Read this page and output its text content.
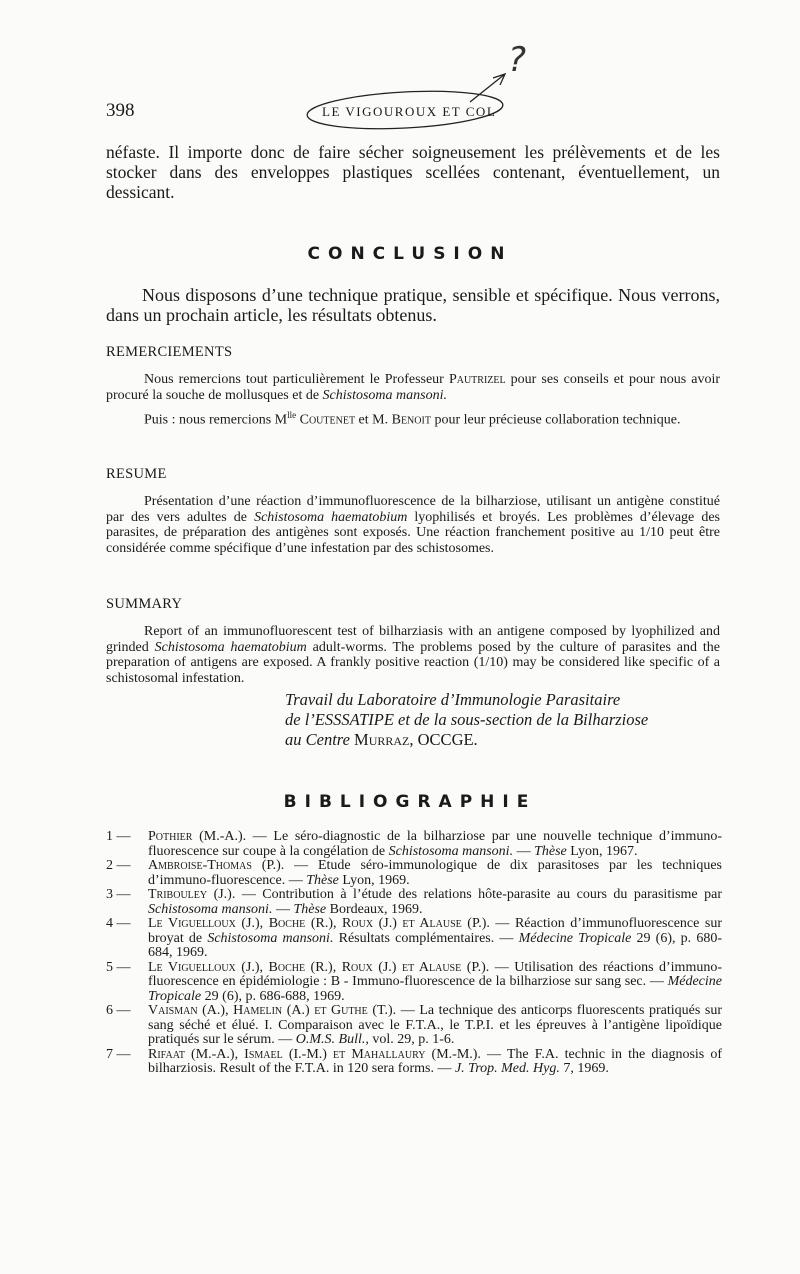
398
?
LE VIGOUROUX ET COL
néfaste. Il importe donc de faire sécher soigneusement les prélèvements et de les stocker dans des enveloppes plastiques scellées contenant, éventuellement, un dessicant.
CONCLUSION
Nous disposons d’une technique pratique, sensible et spécifique. Nous verrons, dans un prochain article, les résultats obtenus.
REMERCIEMENTS
Nous remercions tout particulièrement le Professeur Pautrizel pour ses conseils et pour nous avoir procuré la souche de mollusques et de Schistosoma mansoni.
Puis : nous remercions $M^{lle}$ Coutenet et M. Benoit pour leur précieuse collaboration technique.
RESUME
Présentation d’une réaction d’immunofluorescence de la bilharziose, utilisant un antigène constitué par des vers adultes de Schistosoma haematobium lyophilisés et broyés. Les problèmes d’élevage des parasites, de préparation des antigènes sont exposés. Une réaction franchement positive au 1/10 peut être considérée comme spécifique d’une infestation par des schistosomes.
SUMMARY
Report of an immunofluorescent test of bilharziasis with an antigene composed by lyophilized and grinded Schistosoma haematobium adult-worms. The problems posed by the culture of parasites and the preparation of antigens are exposed. A frankly positive reaction (1/10) may be considered like specific of a schistosomal infestation.
Travail du Laboratoire d’Immunologie Parasitaire
de l’ESSSATIPE et de la sous-section de la Bilharziose
au Centre Murraz, OCCGE.
BIBLIOGRAPHIE
1 — Pothier (M.-A.). — Le séro-diagnostic de la bilharziose par une nouvelle technique d’immuno-fluorescence sur coupe à la congélation de Schistosoma mansoni. — Thèse Lyon, 1967.
2 — Ambroise-Thomas (P.). — Etude séro-immunologique de dix parasitoses par les techniques d’immuno-fluorescence. — Thèse Lyon, 1969.
3 — Tribouley (J.). — Contribution à l’étude des relations hôte-parasite au cours du parasitisme par Schistosoma mansoni. — Thèse Bordeaux, 1969.
4 — Le Viguelloux (J.), Boche (R.), Roux (J.) et Alause (P.). — Réaction d’immunofluorescence sur broyat de Schistosoma mansoni. Résultats complémentaires. — Médecine Tropicale 29 (6), p. 680-684, 1969.
5 — Le Viguelloux (J.), Boche (R.), Roux (J.) et Alause (P.). — Utilisation des réactions d’immuno-fluorescence en épidémiologie : B - Immuno-fluorescence de la bilharziose sur sang sec. — Médecine Tropicale 29 (6), p. 686-688, 1969.
6 — Vaisman (A.), Hamelin (A.) et Guthe (T.). — La technique des anticorps fluorescents pratiqués sur sang séché et élué. I. Comparaison avec le F.T.A., le T.P.I. et les épreuves à l’antigène lipoïdique pratiqués sur le sérum. — O.M.S. Bull., vol. 29, p. 1-6.
7 — Rifaat (M.-A.), Ismael (I.-M.) et Mahallaury (M.-M.). — The F.A. technic in the diagnosis of bilharziosis. Result of the F.T.A. in 120 sera forms. — J. Trop. Med. Hyg. 7, 1969.
